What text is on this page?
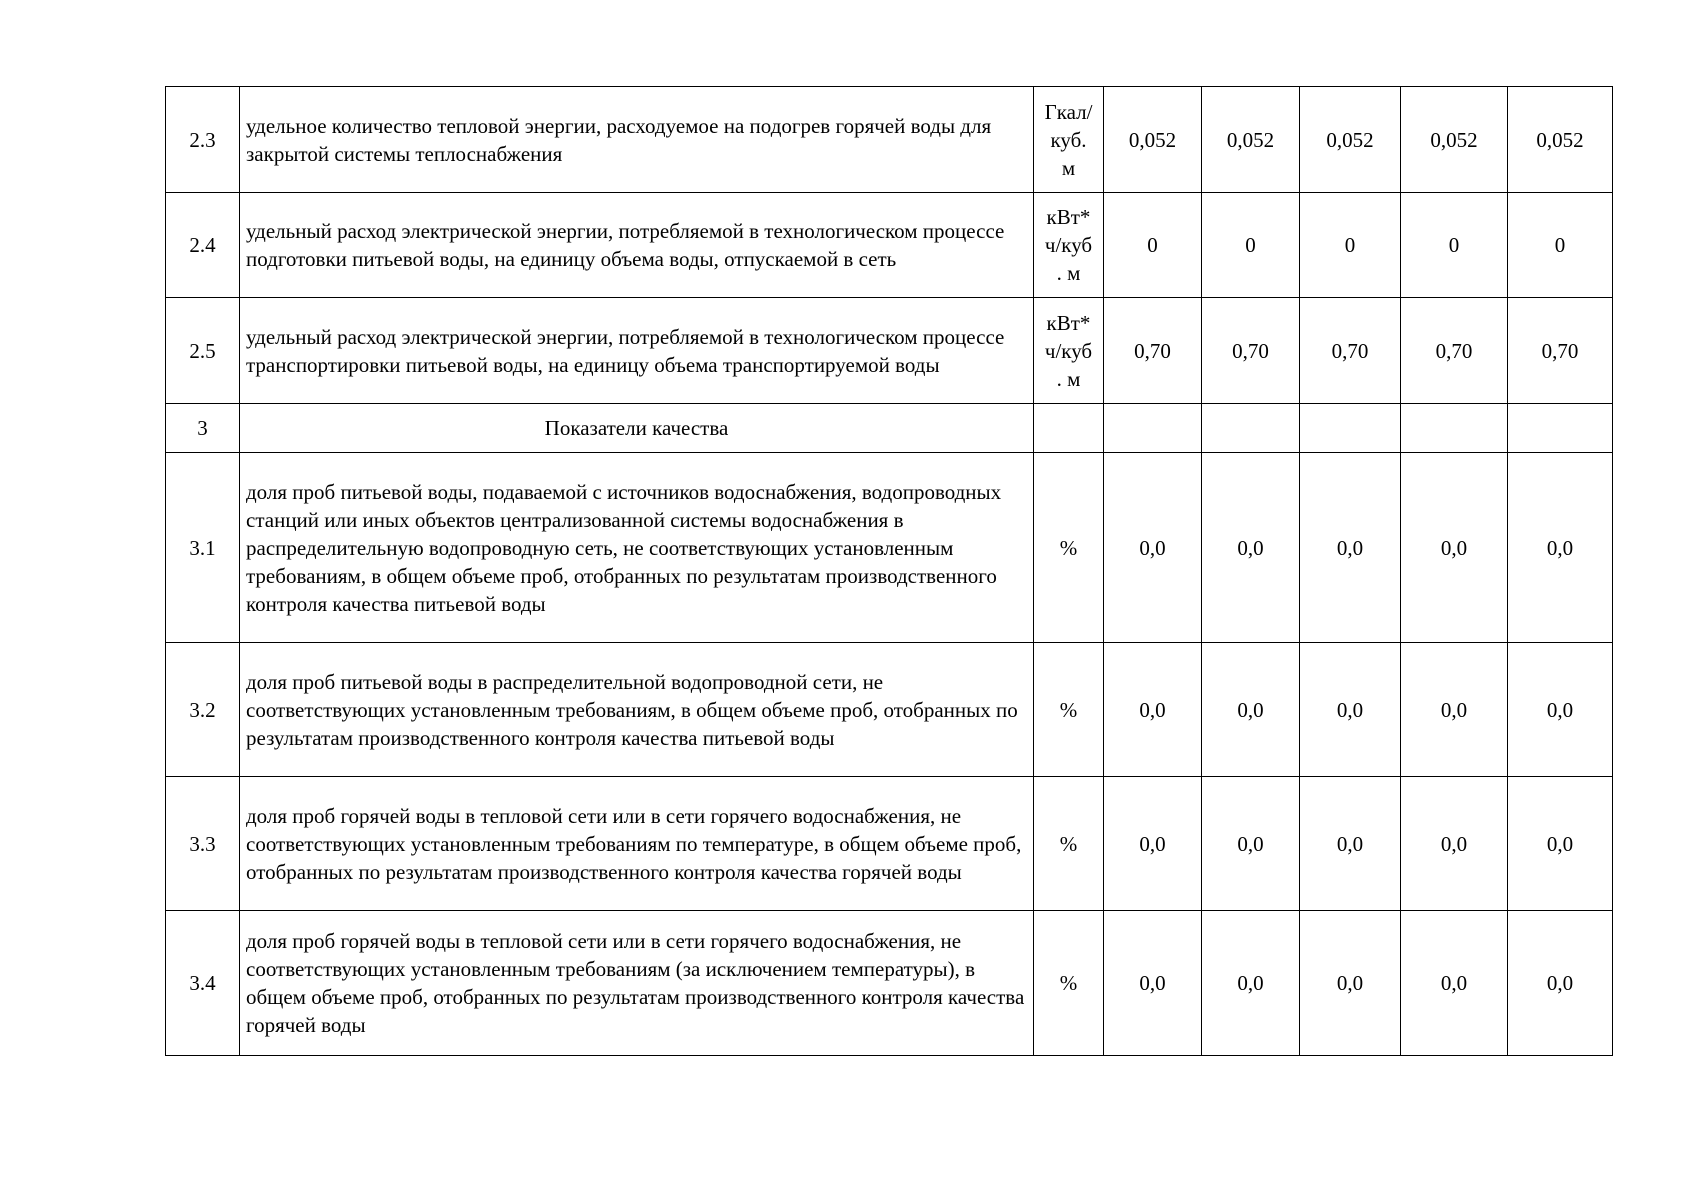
2.3	удельное количество тепловой энергии, расходуемое на подогрев горячей воды для закрытой системы теплоснабжения	Гкал/
куб.
м	0,052	0,052	0,052	0,052	0,052
2.4	удельный расход электрической энергии, потребляемой в технологическом процессе подготовки питьевой воды, на единицу объема воды, отпускаемой в сеть	кВт*
ч/куб
. м	0	0	0	0	0
2.5	удельный расход электрической энергии, потребляемой в технологическом процессе транспортировки питьевой воды, на единицу объема транспортируемой воды	кВт*
ч/куб
. м	0,70	0,70	0,70	0,70	0,70
3	Показатели качества						
3.1	доля проб питьевой воды, подаваемой с источников водоснабжения, водопроводных станций или иных объектов централизованной системы водоснабжения в распределительную водопроводную сеть, не соответствующих установленным требованиям, в общем объеме проб, отобранных по результатам производственного контроля качества питьевой воды	%	0,0	0,0	0,0	0,0	0,0
3.2	доля проб питьевой воды в распределительной водопроводной сети, не соответствующих установленным требованиям, в общем объеме проб, отобранных по результатам производственного контроля качества питьевой воды	%	0,0	0,0	0,0	0,0	0,0
3.3	доля проб горячей воды в тепловой сети или в сети горячего водоснабжения, не соответствующих установленным требованиям по температуре, в общем объеме проб, отобранных по результатам производственного контроля качества горячей воды	%	0,0	0,0	0,0	0,0	0,0
3.4	доля проб горячей воды в тепловой сети или в сети горячего водоснабжения, не соответствующих установленным требованиям (за исключением температуры), в общем объеме проб, отобранных по результатам производственного контроля качества горячей воды	%	0,0	0,0	0,0	0,0	0,0
